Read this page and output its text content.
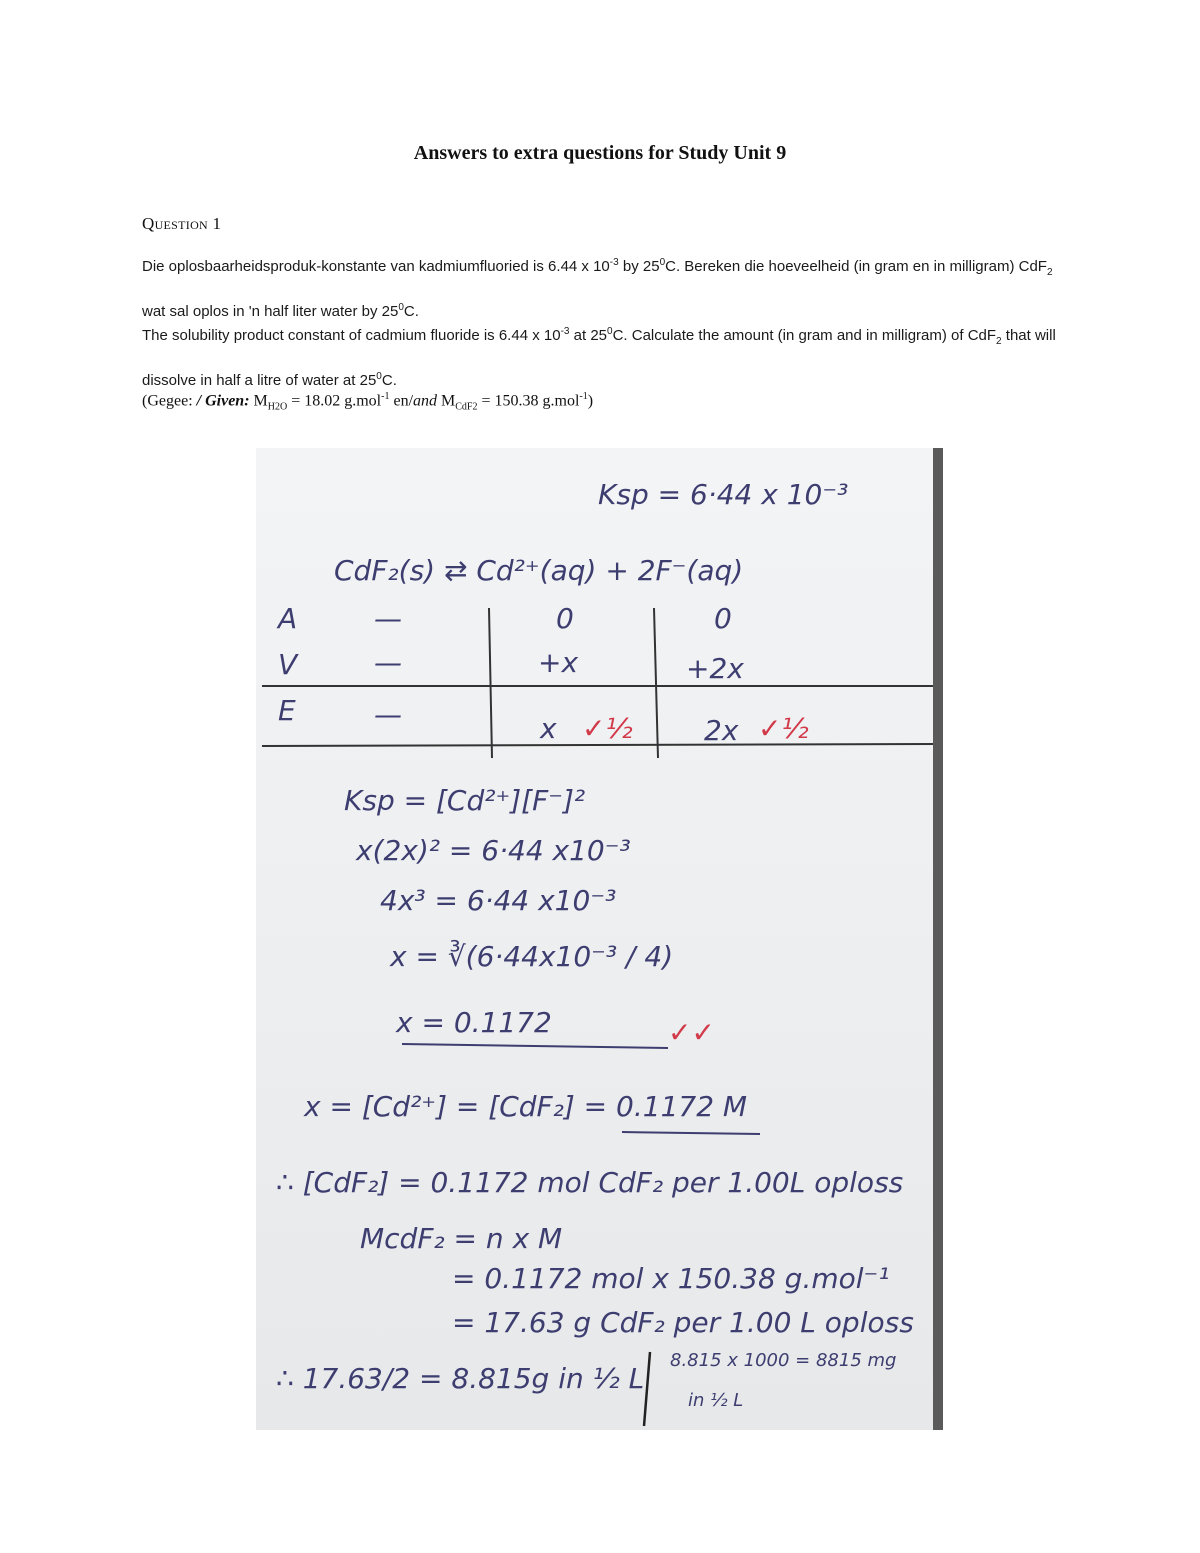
Answers to extra questions for Study Unit 9
Question 1
Die oplosbaarheidsproduk-konstante van kadmiumfluoried is 6.44 x $10^{-3}$ by $25^0C$. Bereken die hoeveelheid (in gram en in milligram) CdF$_2$ wat sal oplos in 'n half liter water by $25^0C$.
The solubility product constant of cadmium fluoride is 6.44 x $10^{-3}$ at $25^0C$. Calculate the amount (in gram and in milligram) of CdF$_2$ that will dissolve in half a litre of water at $25^0C$.
(Gegee: / Given: $M_{H2O} = 18.02$ g.mol$^{-1}$ en/and $M_{CdF2} = 150.38$ g.mol$^{-1}$)
Ksp = 6·44 x 10⁻³
CdF₂(s) ⇄ Cd²⁺(aq) + 2F⁻(aq)
A	—	0	0
V	—	+x	+2x
E	—	x ✓½	2x ✓½
Ksp = [Cd²⁺][F⁻]²
x(2x)² = 6·44 x10⁻³
4x³ = 6·44 x10⁻³
x = ∛(6·44x10⁻³ / 4)
x = 0.1172	✓✓
x = [Cd²⁺] = [CdF₂] = 0.1172 M
∴ [CdF₂] = 0.1172 mol CdF₂ per 1.00L oploss
McdF₂ = n x M
= 0.1172 mol x 150.38 g.mol⁻¹
= 17.63 g CdF₂ per 1.00 L oploss
∴ 17.63/2 = 8.815g in ½ L
8.815 x 1000 = 8815 mg
in ½ L
